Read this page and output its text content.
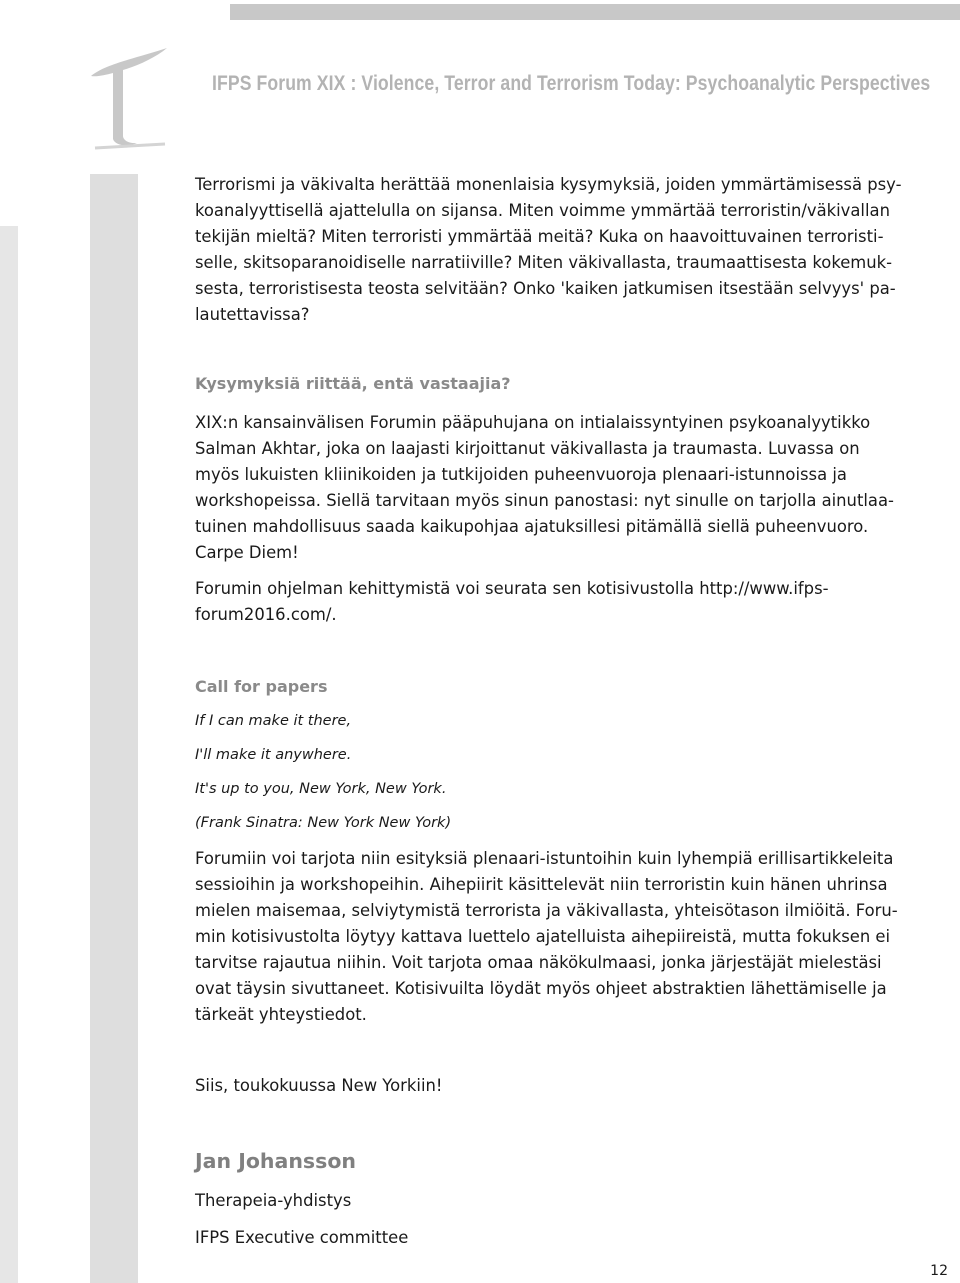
IFPS Forum XIX : Violence, Terror and Terrorism Today: Psychoanalytic Perspectives

Terrorismi ja väkivalta herättää monenlaisia kysymyksiä, joiden ymmärtämisessä psy-

koanalyyttisellä ajattelulla on sijansa. Miten voimme ymmärtää terroristin/väkivallan

tekijän mieltä? Miten terroristi ymmärtää meitä? Kuka on haavoittuvainen terroristi-

selle, skitsoparanoidiselle narratiiville? Miten väkivallasta, traumaattisesta kokemuk-

sesta, terroristisesta teosta selvitään? Onko 'kaiken jatkumisen itsestään selvyys' pa-

lautettavissa?

Kysymyksiä riittää, entä vastaajia?

XIX:n kansainvälisen Forumin pääpuhujana on intialaissyntyinen psykoanalyytikko

Salman Akhtar, joka on laajasti kirjoittanut väkivallasta ja traumasta. Luvassa on

myös lukuisten kliinikoiden ja tutkijoiden puheenvuoroja plenaari-istunnoissa ja

workshopeissa. Siellä tarvitaan myös sinun panostasi: nyt sinulle on tarjolla ainutlaa-

tuinen mahdollisuus saada kaikupohjaa ajatuksillesi pitämällä siellä puheenvuoro.

Carpe Diem!

Forumin ohjelman kehittymistä voi seurata sen kotisivustolla http://www.ifps-

forum2016.com/.

Call for papers

If I can make it there,

I'll make it anywhere.

It's up to you, New York, New York.

(Frank Sinatra: New York New York)

Forumiin voi tarjota niin esityksiä plenaari-istuntoihin kuin lyhempiä erillisartikkeleita

sessioihin ja workshopeihin. Aihepiirit käsittelevät niin terroristin kuin hänen uhrinsa

mielen maisemaa, selviytymistä terrorista ja väkivallasta, yhteisötason ilmiöitä. Foru-

min kotisivustolta löytyy kattava luettelo ajatelluista aihepiireistä, mutta fokuksen ei

tarvitse rajautua niihin. Voit tarjota omaa näkökulmaasi, jonka järjestäjät mielestäsi

ovat täysin sivuttaneet. Kotisivuilta löydät myös ohjeet abstraktien lähettämiselle ja

tärkeät yhteystiedot.

Siis, toukokuussa New Yorkiin!

Jan Johansson

Therapeia-yhdistys

IFPS Executive committee

12
